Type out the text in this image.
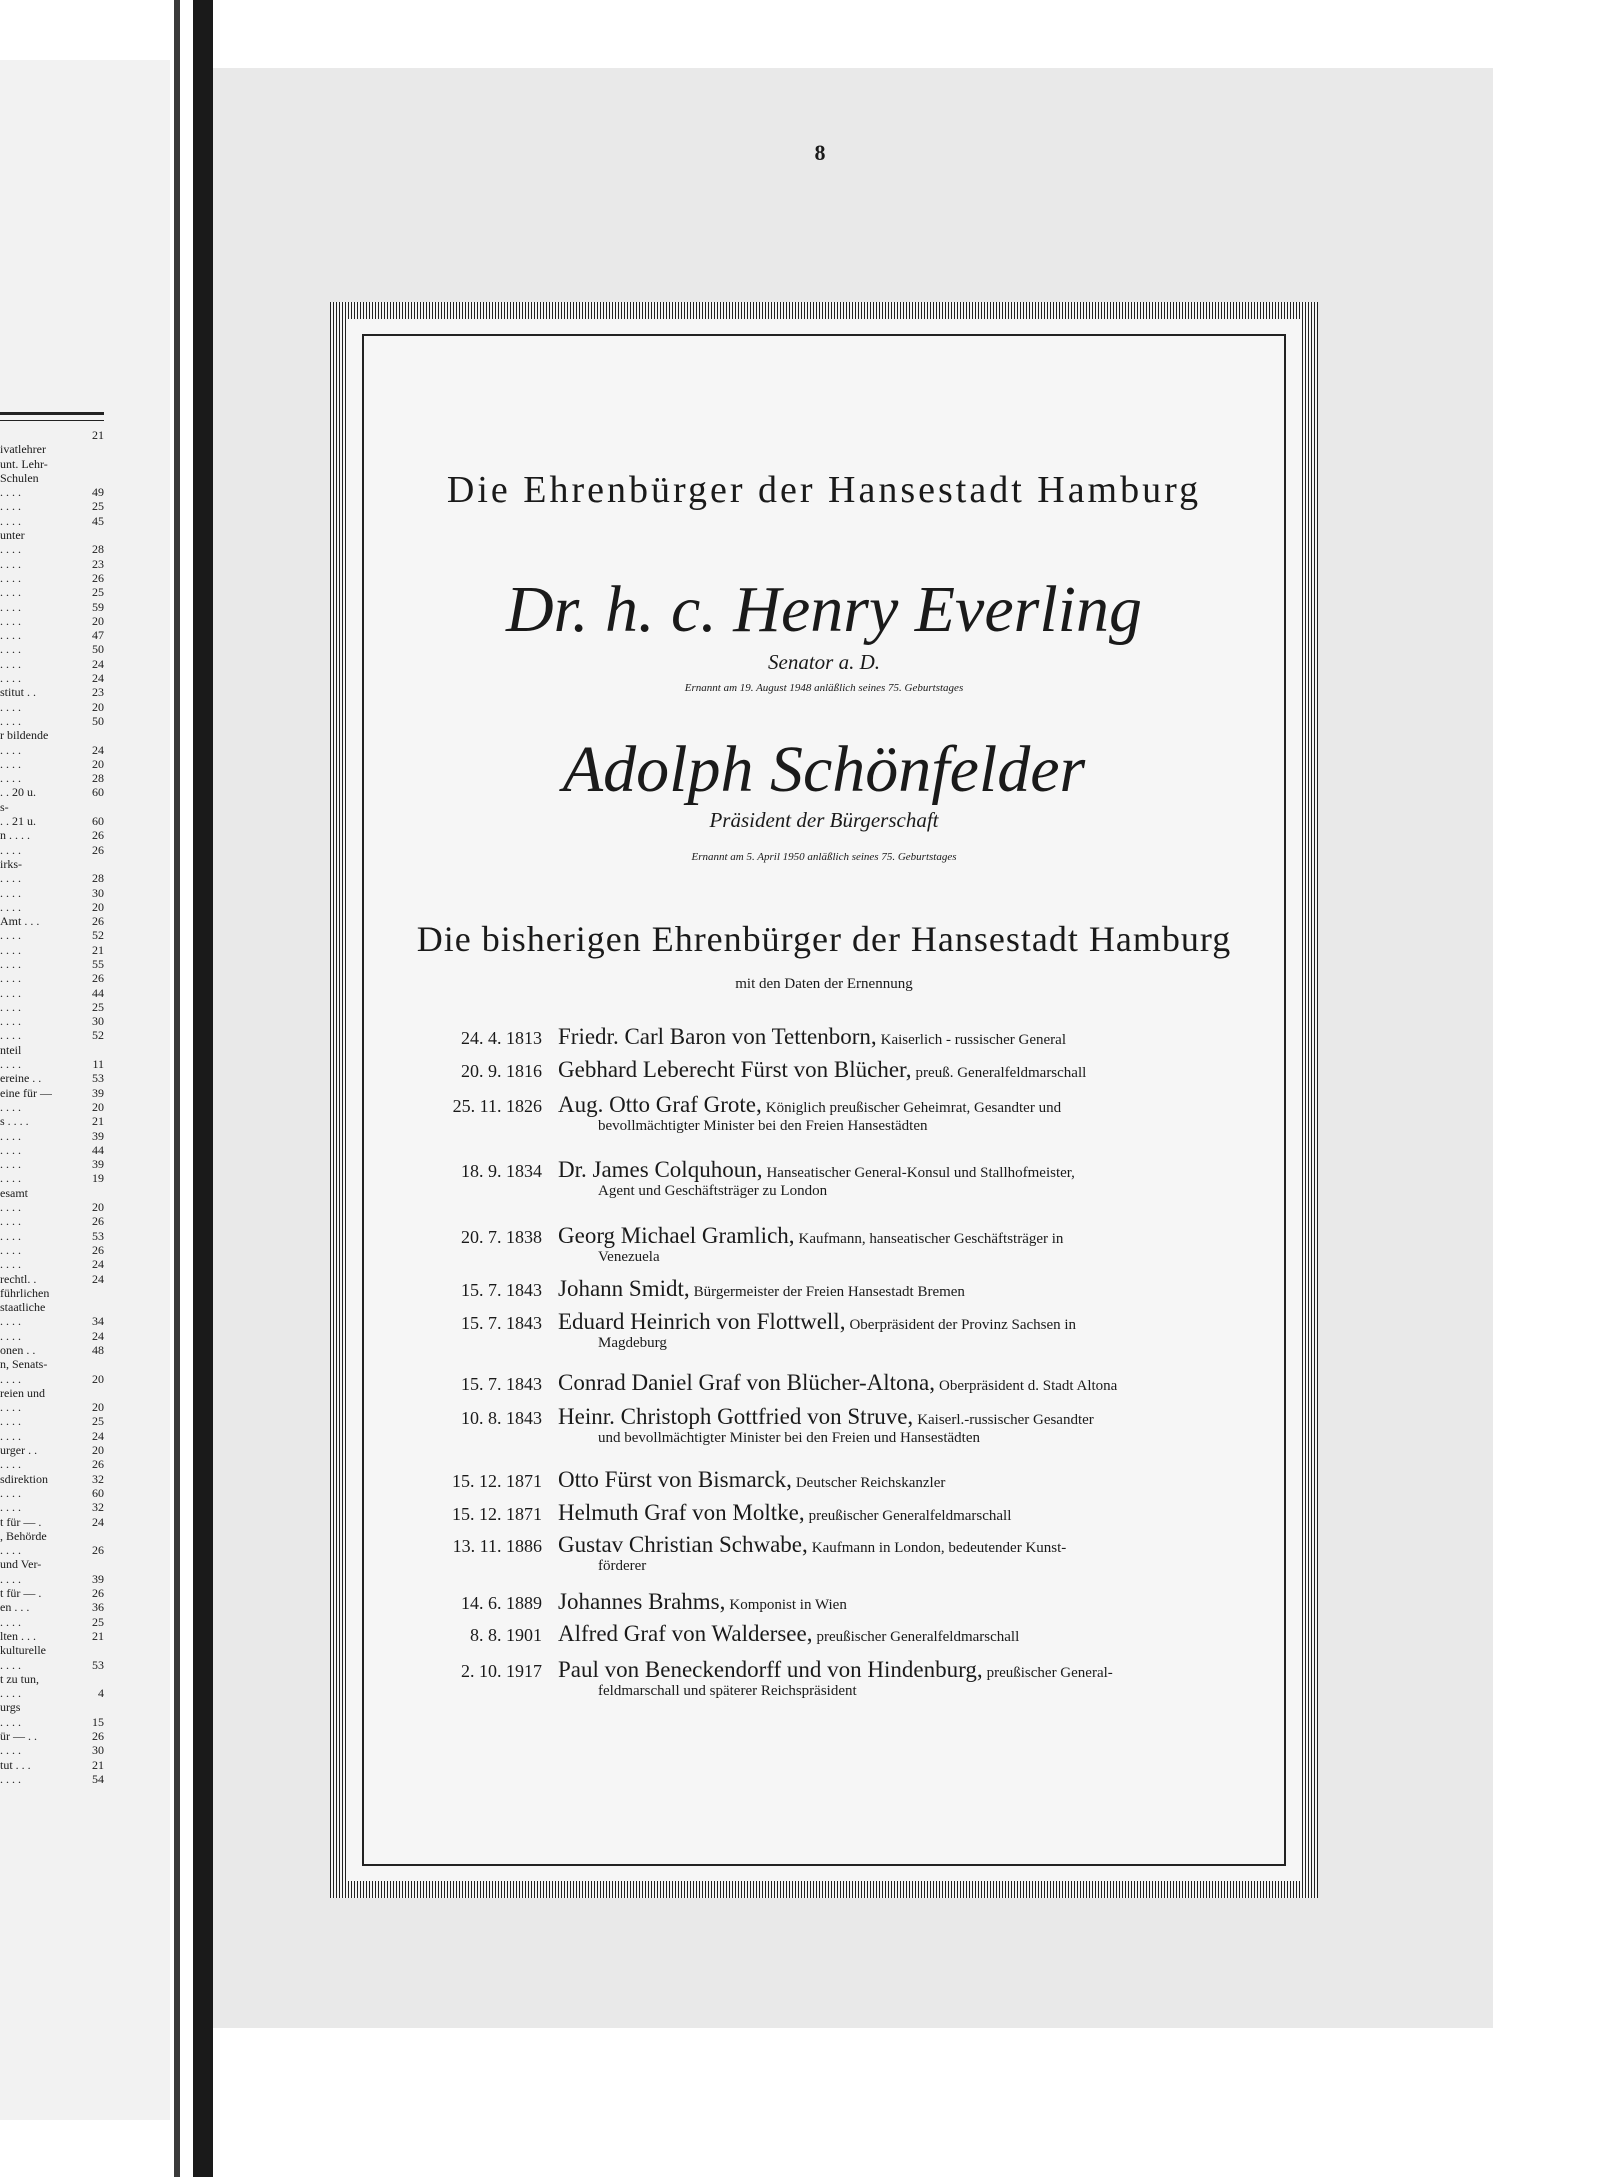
21
ivatlehrer
unt. Lehr-
Schulen
. . . .	49
. . . .	25
. . . .	45
unter
. . . .	28
. . . .	23
. . . .	26
. . . .	25
. . . .	59
. . . .	20
. . . .	47
. . . .	50
. . . .	24
. . . .	24
stitut . .	23
. . . .	20
. . . .	50
r bildende
. . . .	24
. . . .	20
. . . .	28
. . 20 u.	60
s-
. . 21 u.	60
n . . . .	26
. . . .	26
irks-
. . . .	28
. . . .	30
. . . .	20
Amt . . .	26
. . . .	52
. . . .	21
. . . .	55
. . . .	26
. . . .	44
. . . .	25
. . . .	30
. . . .	52
nteil
. . . .	11
ereine . .	53
eine für —	39
. . . .	20
s . . . .	21
. . . .	39
. . . .	44
. . . .	39
. . . .	19
esamt
. . . .	20
. . . .	26
. . . .	53
. . . .	26
. . . .	24
rechtl. .	24
führlichen
staatliche
. . . .	34
. . . .	24
onen . .	48
n, Senats-
. . . .	20
reien und
. . . .	20
. . . .	25
. . . .	24
urger . .	20
. . . .	26
sdirektion	32
. . . .	60
. . . .	32
t für — .	24
, Behörde
. . . .	26
und Ver-
. . . .	39
t für — .	26
en . . .	36
. . . .	25
lten . . .	21
kulturelle
. . . .	53
t zu tun,
. . . .	4
urgs
. . . .	15
ür — . .	26
. . . .	30
tut . . .	21
. . . .	54
8
Die Ehrenbürger der Hansestadt Hamburg
Dr. h. c. Henry Everling
Senator a. D.
Ernannt am 19. August 1948 anläßlich seines 75. Geburtstages
Adolph Schönfelder
Präsident der Bürgerschaft
Ernannt am 5. April 1950 anläßlich seines 75. Geburtstages
Die bisherigen Ehrenbürger der Hansestadt Hamburg
mit den Daten der Ernennung
24. 4. 1813 Friedr. Carl Baron von Tettenborn, Kaiserlich - russischer General
20. 9. 1816 Gebhard Leberecht Fürst von Blücher, preuß. Generalfeldmarschall
25. 11. 1826 Aug. Otto Graf Grote, Königlich preußischer Geheimrat, Gesandter und
bevollmächtigter Minister bei den Freien Hansestädten
18. 9. 1834 Dr. James Colquhoun, Hanseatischer General-Konsul und Stallhofmeister,
Agent und Geschäftsträger zu London
20. 7. 1838 Georg Michael Gramlich, Kaufmann, hanseatischer Geschäftsträger in
Venezuela
15. 7. 1843 Johann Smidt, Bürgermeister der Freien Hansestadt Bremen
15. 7. 1843 Eduard Heinrich von Flottwell, Oberpräsident der Provinz Sachsen in
Magdeburg
15. 7. 1843 Conrad Daniel Graf von Blücher-Altona, Oberpräsident d. Stadt Altona
10. 8. 1843 Heinr. Christoph Gottfried von Struve, Kaiserl.-russischer Gesandter
und bevollmächtigter Minister bei den Freien und Hansestädten
15. 12. 1871 Otto Fürst von Bismarck, Deutscher Reichskanzler
15. 12. 1871 Helmuth Graf von Moltke, preußischer Generalfeldmarschall
13. 11. 1886 Gustav Christian Schwabe, Kaufmann in London, bedeutender Kunst-
förderer
14. 6. 1889 Johannes Brahms, Komponist in Wien
8. 8. 1901 Alfred Graf von Waldersee, preußischer Generalfeldmarschall
2. 10. 1917 Paul von Beneckendorff und von Hindenburg, preußischer General-
feldmarschall und späterer Reichspräsident
